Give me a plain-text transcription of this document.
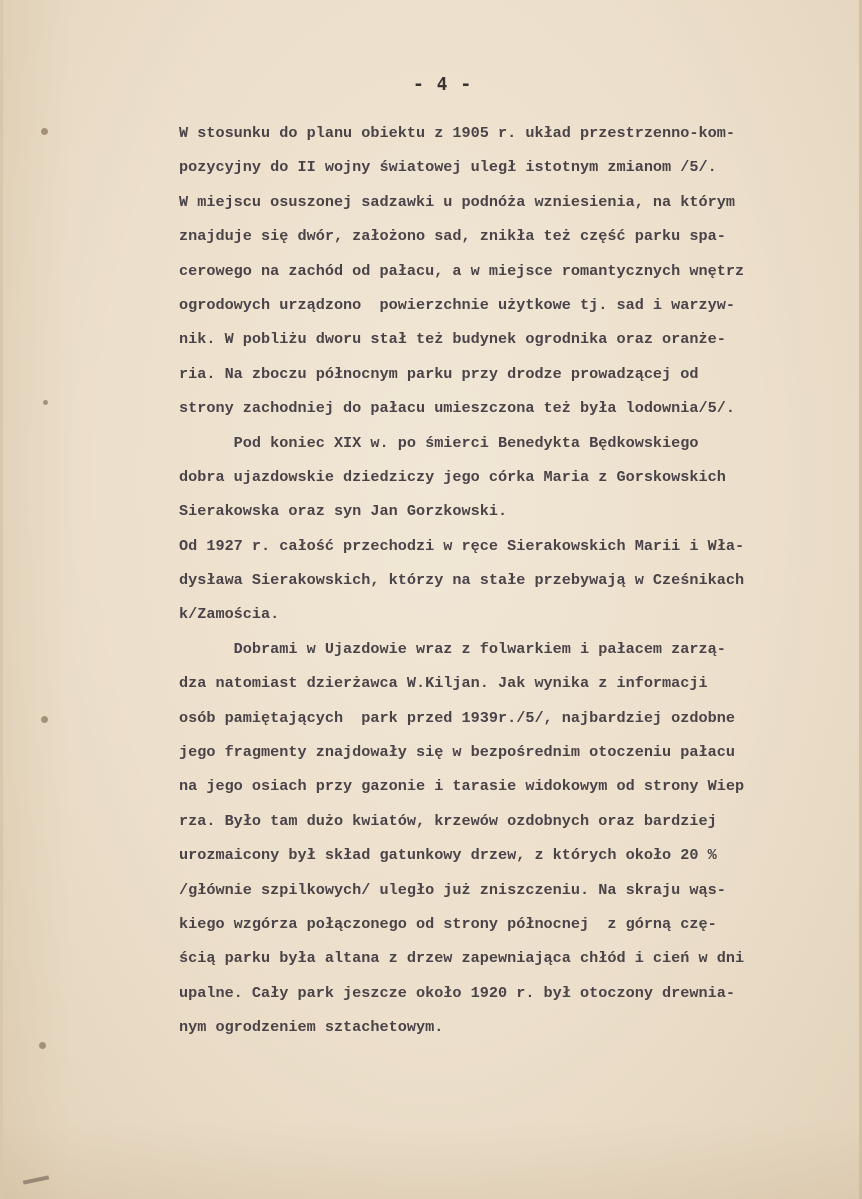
- 4 -
W stosunku do planu obiektu z 1905 r. układ przestrzenno-kom-
pozycyjny do II wojny światowej uległ istotnym zmianom /5/.
W miejscu osuszonej sadzawki u podnóża wzniesienia, na którym
znajduje się dwór, założono sad, znikła też część parku spa-
cerowego na zachód od pałacu, a w miejsce romantycznych wnętrz
ogrodowych urządzono  powierzchnie użytkowe tj. sad i warzyw-
nik. W pobliżu dworu stał też budynek ogrodnika oraz oranże-
ria. Na zboczu północnym parku przy drodze prowadzącej od
strony zachodniej do pałacu umieszczona też była lodownia/5/.
Pod koniec XIX w. po śmierci Benedykta Będkowskiego
dobra ujazdowskie dziedziczy jego córka Maria z Gorskowskich
Sierakowska oraz syn Jan Gorzkowski.
Od 1927 r. całość przechodzi w ręce Sierakowskich Marii i Wła-
dysława Sierakowskich, którzy na stałe przebywają w Cześnikach
k/Zamościa.
Dobrami w Ujazdowie wraz z folwarkiem i pałacem zarzą-
dza natomiast dzierżawca W.Kiljan. Jak wynika z informacji
osób pamiętających  park przed 1939r./5/, najbardziej ozdobne
jego fragmenty znajdowały się w bezpośrednim otoczeniu pałacu
na jego osiach przy gazonie i tarasie widokowym od strony Wiep
rza. Było tam dużo kwiatów, krzewów ozdobnych oraz bardziej
urozmaicony był skład gatunkowy drzew, z których około 20 %
/głównie szpilkowych/ uległo już zniszczeniu. Na skraju wąs-
kiego wzgórza połączonego od strony północnej  z górną czę-
ścią parku była altana z drzew zapewniająca chłód i cień w dni
upalne. Cały park jeszcze około 1920 r. był otoczony drewnia-
nym ogrodzeniem sztachetowym.
